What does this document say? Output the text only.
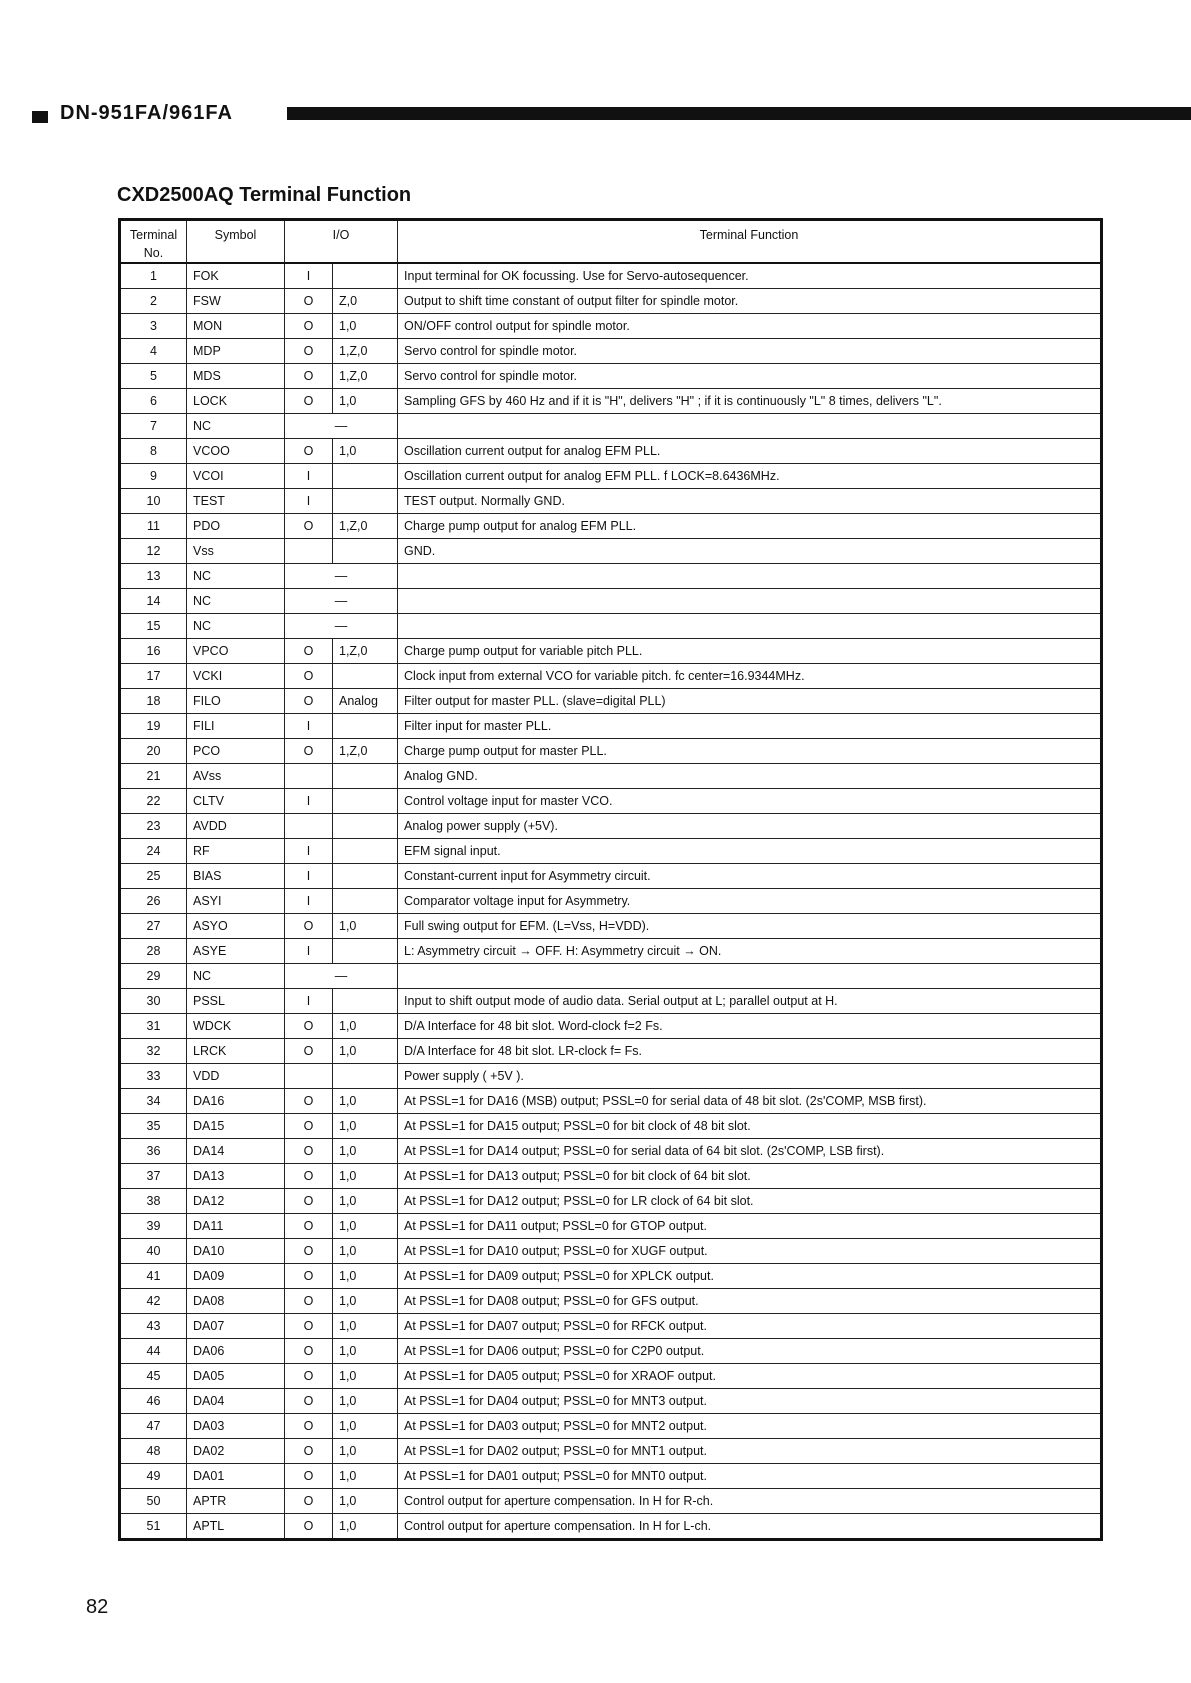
DN-951FA/961FA
CXD2500AQ Terminal Function
Terminal
No.	Symbol	I/O		Terminal Function
1	FOK	I		Input terminal for OK focussing. Use for Servo-autosequencer.
2	FSW	O	Z,0	Output to shift time constant of output filter for spindle motor.
3	MON	O	1,0	ON/OFF control output for spindle motor.
4	MDP	O	1,Z,0	Servo control for spindle motor.
5	MDS	O	1,Z,0	Servo control for spindle motor.
6	LOCK	O	1,0	Sampling GFS by 460 Hz and if it is "H", delivers "H" ; if it is continuously "L" 8 times, delivers "L".
7	NC	—		
8	VCOO	O	1,0	Oscillation current output for analog EFM PLL.
9	VCOI	I		Oscillation current output for analog EFM PLL. f LOCK=8.6436MHz.
10	TEST	I		TEST output. Normally GND.
11	PDO	O	1,Z,0	Charge pump output for analog EFM PLL.
12	Vss			GND.
13	NC	—		
14	NC	—		
15	NC	—		
16	VPCO	O	1,Z,0	Charge pump output for variable pitch PLL.
17	VCKI	O		Clock input from external VCO for variable pitch. fc center=16.9344MHz.
18	FILO	O	Analog	Filter output for master PLL. (slave=digital PLL)
19	FILI	I		Filter input for master PLL.
20	PCO	O	1,Z,0	Charge pump output for master PLL.
21	AVss			Analog GND.
22	CLTV	I		Control voltage input for master VCO.
23	AVDD			Analog power supply (+5V).
24	RF	I		EFM signal input.
25	BIAS	I		Constant-current input for Asymmetry circuit.
26	ASYI	I		Comparator voltage input for Asymmetry.
27	ASYO	O	1,0	Full swing output for EFM. (L=Vss, H=VDD).
28	ASYE	I		L: Asymmetry circuit → OFF. H: Asymmetry circuit → ON.
29	NC	—		
30	PSSL	I		Input to shift output mode of audio data. Serial output at L; parallel output at H.
31	WDCK	O	1,0	D/A Interface for 48 bit slot. Word-clock f=2 Fs.
32	LRCK	O	1,0	D/A Interface for 48 bit slot. LR-clock f= Fs.
33	VDD			Power supply ( +5V ).
34	DA16	O	1,0	At PSSL=1 for DA16 (MSB) output; PSSL=0 for serial data of 48 bit slot. (2s'COMP, MSB first).
35	DA15	O	1,0	At PSSL=1 for DA15 output; PSSL=0 for bit clock of 48 bit slot.
36	DA14	O	1,0	At PSSL=1 for DA14 output; PSSL=0 for serial data of 64 bit slot. (2s'COMP, LSB first).
37	DA13	O	1,0	At PSSL=1 for DA13 output; PSSL=0 for bit clock of 64 bit slot.
38	DA12	O	1,0	At PSSL=1 for DA12 output; PSSL=0 for LR clock of 64 bit slot.
39	DA11	O	1,0	At PSSL=1 for DA11 output; PSSL=0 for GTOP output.
40	DA10	O	1,0	At PSSL=1 for DA10 output; PSSL=0 for XUGF output.
41	DA09	O	1,0	At PSSL=1 for DA09 output; PSSL=0 for XPLCK output.
42	DA08	O	1,0	At PSSL=1 for DA08 output; PSSL=0 for GFS output.
43	DA07	O	1,0	At PSSL=1 for DA07 output; PSSL=0 for RFCK output.
44	DA06	O	1,0	At PSSL=1 for DA06 output; PSSL=0 for C2P0 output.
45	DA05	O	1,0	At PSSL=1 for DA05 output; PSSL=0 for XRAOF output.
46	DA04	O	1,0	At PSSL=1 for DA04 output; PSSL=0 for MNT3 output.
47	DA03	O	1,0	At PSSL=1 for DA03 output; PSSL=0 for MNT2 output.
48	DA02	O	1,0	At PSSL=1 for DA02 output; PSSL=0 for MNT1 output.
49	DA01	O	1,0	At PSSL=1 for DA01 output; PSSL=0 for MNT0 output.
50	APTR	O	1,0	Control output for aperture compensation. In H for R-ch.
51	APTL	O	1,0	Control output for aperture compensation. In H for L-ch.
82
